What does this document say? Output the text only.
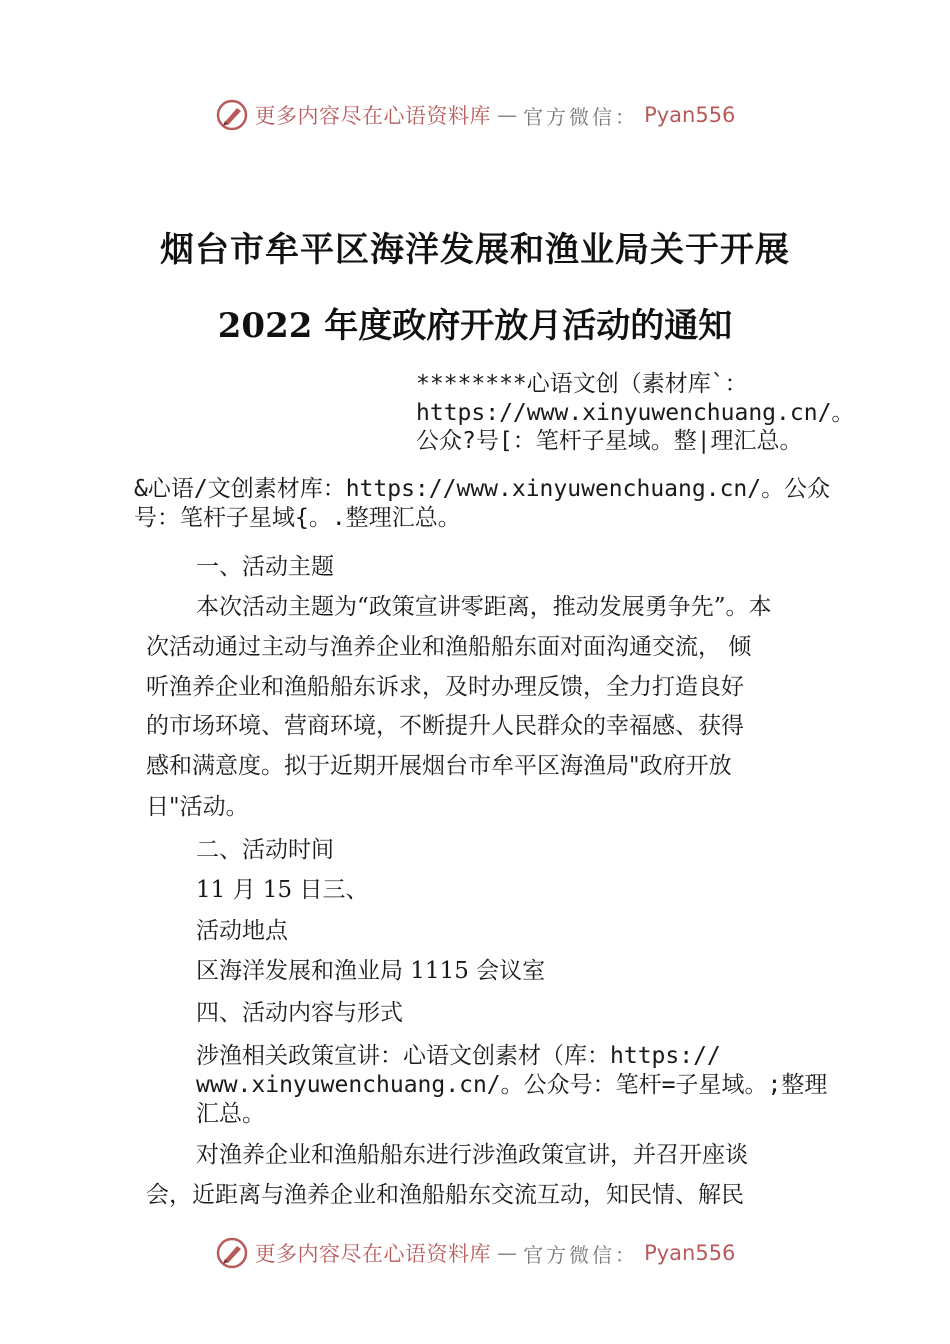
更多内容尽在心语资料库 — 官方微信： Pyan556
烟台市牟平区海洋发展和渔业局关于开展
2022 年度政府开放月活动的通知
********心语文创（素材库`：
https://www.xinyuwenchuang.cn/。
公众?号[：笔杆子星域。整|理汇总。
&心语/文创素材库：https://www.xinyuwenchuang.cn/。公众
号：笔杆子星域{。.整理汇总。
一、活动主题
本次活动主题为“政策宣讲零距离，推动发展勇争先”。本
次活动通过主动与渔养企业和渔船船东面对面沟通交流， 倾
听渔养企业和渔船船东诉求，及时办理反馈，全力打造良好
的市场环境、营商环境，不断提升人民群众的幸福感、获得
感和满意度。拟于近期开展烟台市牟平区海渔局"政府开放
日"活动。
二、活动时间
11 月 15 日三、
活动地点
区海洋发展和渔业局 1115 会议室
四、活动内容与形式
涉渔相关政策宣讲：心语文创素材（库：https://
www.xinyuwenchuang.cn/。公众号：笔杆=子星域。;整理
汇总。
对渔养企业和渔船船东进行涉渔政策宣讲，并召开座谈
会，近距离与渔养企业和渔船船东交流互动，知民情、解民
更多内容尽在心语资料库 — 官方微信： Pyan556
